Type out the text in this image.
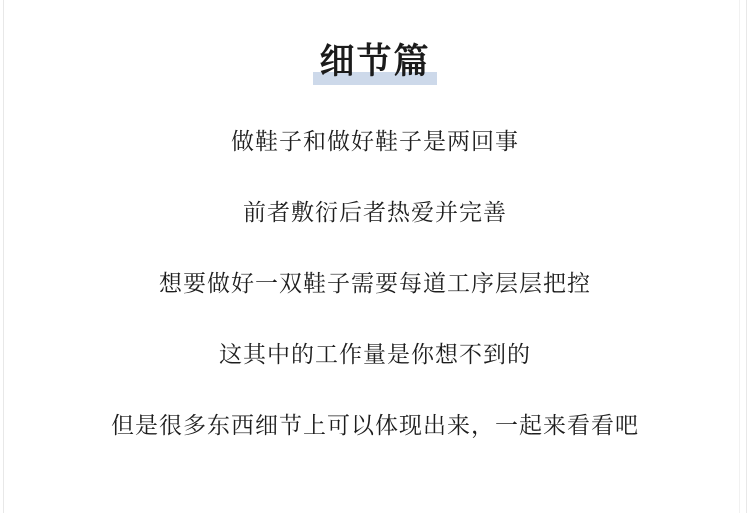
细节篇
做鞋子和做好鞋子是两回事
前者敷衍后者热爱并完善
想要做好一双鞋子需要每道工序层层把控
这其中的工作量是你想不到的
但是很多东西细节上可以体现出来，一起来看看吧
